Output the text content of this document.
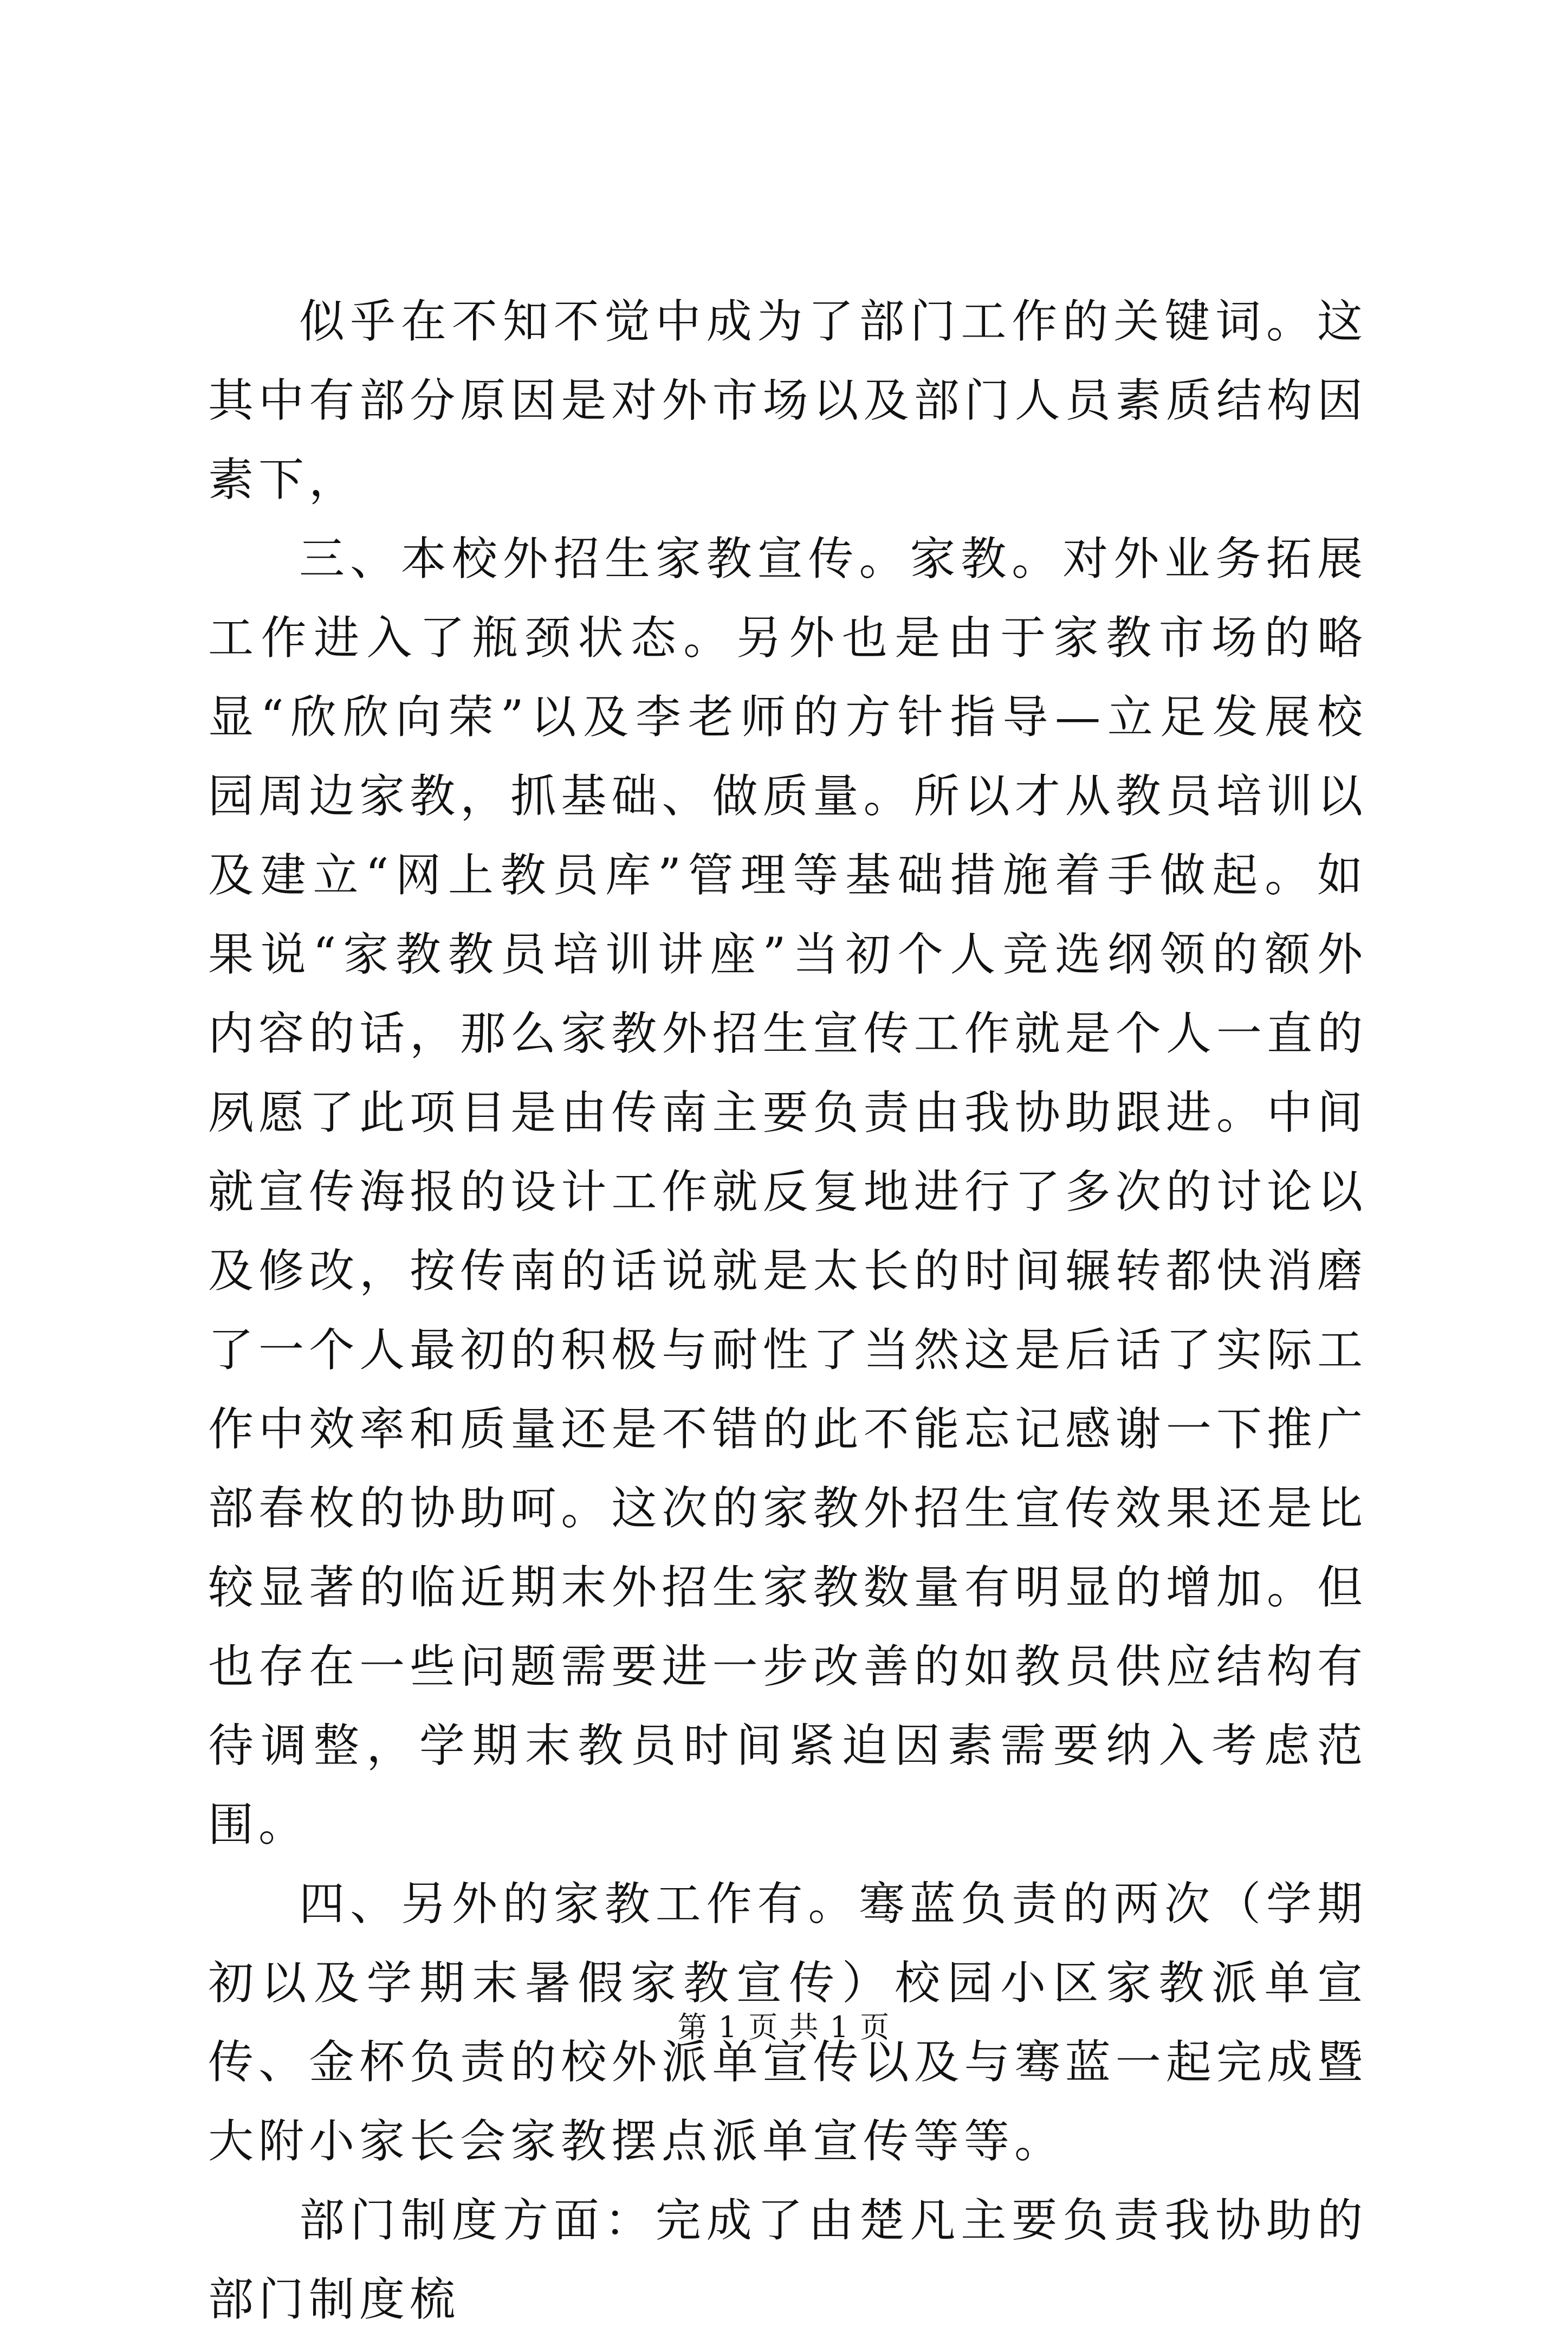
似乎在不知不觉中成为了部门工作的关键词。这其中有部分原因是对外市场以及部门人员素质结构因素下，

三、本校外招生家教宣传。家教。对外业务拓展工作进入了瓶颈状态。另外也是由于家教市场的略显“欣欣向荣”以及李老师的方针指导—立足发展校园周边家教，抓基础、做质量。所以才从教员培训以及建立“网上教员库”管理等基础措施着手做起。如果说“家教教员培训讲座”当初个人竞选纲领的额外内容的话，那么家教外招生宣传工作就是个人一直的夙愿了此项目是由传南主要负责由我协助跟进。中间就宣传海报的设计工作就反复地进行了多次的讨论以及修改，按传南的话说就是太长的时间辗转都快消磨了一个人最初的积极与耐性了当然这是后话了实际工作中效率和质量还是不错的此不能忘记感谢一下推广部春枚的协助呵。这次的家教外招生宣传效果还是比较显著的临近期末外招生家教数量有明显的增加。但也存在一些问题需要进一步改善的如教员供应结构有待调整，学期末教员时间紧迫因素需要纳入考虑范围。

四、另外的家教工作有。骞蓝负责的两次（学期初以及学期末暑假家教宣传）校园小区家教派单宣传、金杯负责的校外派单宣传以及与骞蓝一起完成暨大附小家长会家教摆点派单宣传等等。

部门制度方面：完成了由楚凡主要负责我协助的部门制度梳

第 1 页 共 1 页
